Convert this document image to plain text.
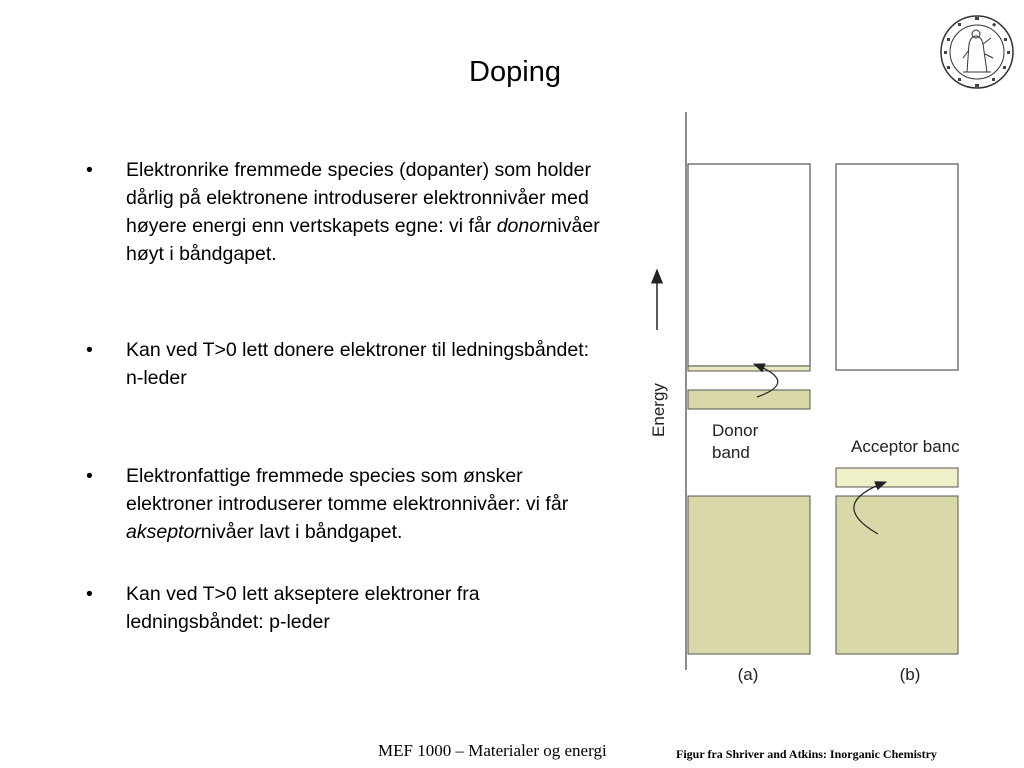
Doping
•	Elektronrike fremmede species (dopanter) som holder dårlig på elektronene introduserer elektronnivåer med høyere energi enn vertskapets egne: vi får donornivåer høyt i båndgapet.
•	Kan ved T>0 lett donere elektroner til ledningsbåndet: n-leder
•	Elektronfattige fremmede species som ønsker elektroner introduserer tomme elektronnivåer: vi får akseptornivåer lavt i båndgapet.
•	Kan ved T>0 lett akseptere elektroner fra ledningsbåndet: p-leder
Energy	Donor
band	Acceptor banc
(a)	(b)
MEF 1000 – Materialer og energi	Figur fra Shriver and Atkins: Inorganic Chemistry
